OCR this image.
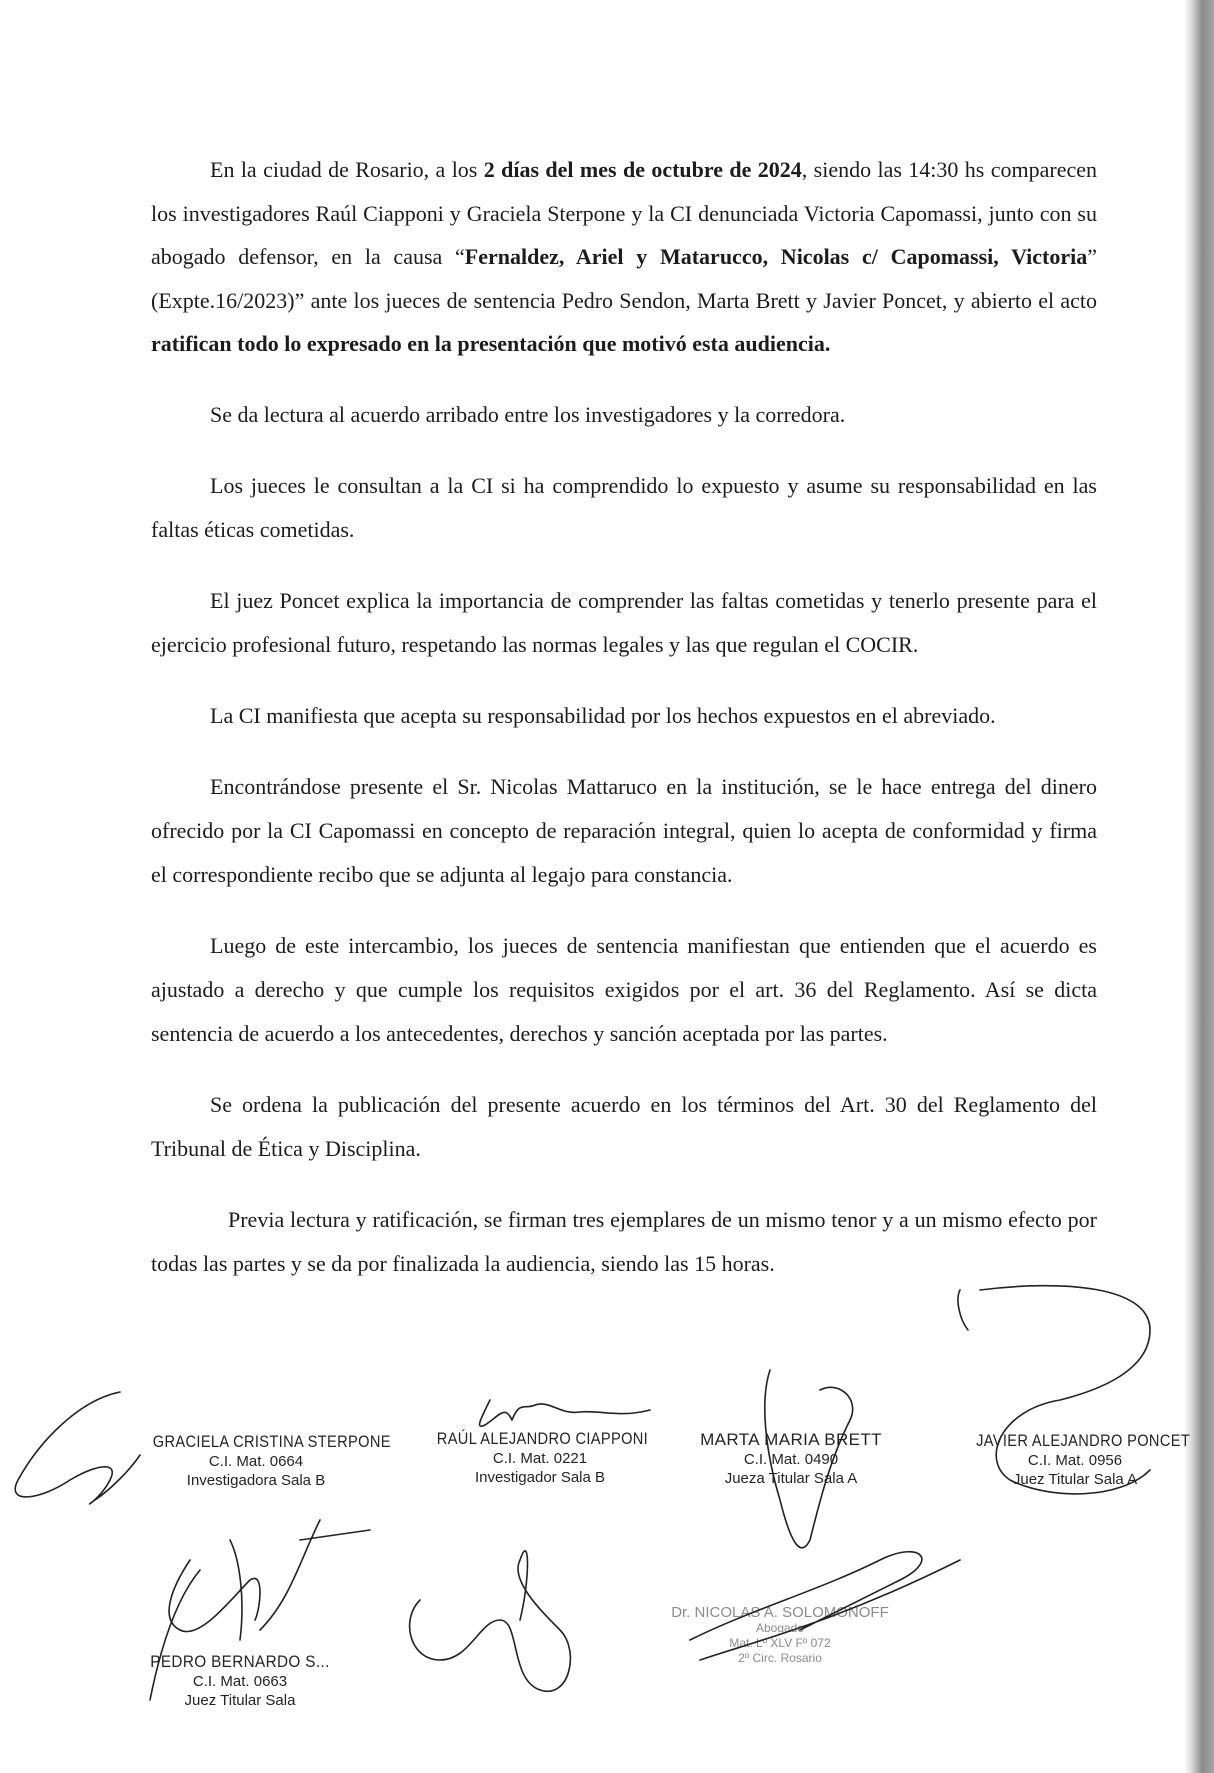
En la ciudad de Rosario, a los 2 días del mes de octubre de 2024, siendo las 14:30 hs comparecen los investigadores Raúl Ciapponi y Graciela Sterpone y la CI denunciada Victoria Capomassi, junto con su abogado defensor, en la causa “Fernaldez, Ariel y Matarucco, Nicolas c/ Capomassi, Victoria” (Expte.16/2023)” ante los jueces de sentencia Pedro Sendon, Marta Brett y Javier Poncet, y abierto el acto ratifican todo lo expresado en la presentación que motivó esta audiencia.

Se da lectura al acuerdo arribado entre los investigadores y la corredora.

Los jueces le consultan a la CI si ha comprendido lo expuesto y asume su responsabilidad en las faltas éticas cometidas.

El juez Poncet explica la importancia de comprender las faltas cometidas y tenerlo presente para el ejercicio profesional futuro, respetando las normas legales y las que regulan el COCIR.

La CI manifiesta que acepta su responsabilidad por los hechos expuestos en el abreviado.

Encontrándose presente el Sr. Nicolas Mattaruco en la institución, se le hace entrega del dinero ofrecido por la CI Capomassi en concepto de reparación integral, quien lo acepta de conformidad y firma el correspondiente recibo que se adjunta al legajo para constancia.

Luego de este intercambio, los jueces de sentencia manifiestan que entienden que el acuerdo es ajustado a derecho y que cumple los requisitos exigidos por el art. 36 del Reglamento. Así se dicta sentencia de acuerdo a los antecedentes, derechos y sanción aceptada por las partes.

Se ordena la publicación del presente acuerdo en los términos del Art. 30 del Reglamento del Tribunal de Ética y Disciplina.

Previa lectura y ratificación, se firman tres ejemplares de un mismo tenor y a un mismo efecto por todas las partes y se da por finalizada la audiencia, siendo las 15 horas.

GRACIELA CRISTINA STERPONE
C.I. Mat. 0664
Investigadora Sala B
RAÚL ALEJANDRO CIAPPONI
C.I. Mat. 0221
Investigador Sala B
MARTA MARIA BRETT
C.I. Mat. 0490
Jueza Titular Sala A
JAVIER ALEJANDRO PONCET
C.I. Mat. 0956
Juez Titular Sala A
PEDRO BERNARDO S...
C.I. Mat. 0663
Juez Titular Sala
Dr. NICOLAS A. SOLOMONOFF
Abogado
Mat. Lº XLV Fº 072
2º Circ. Rosario
